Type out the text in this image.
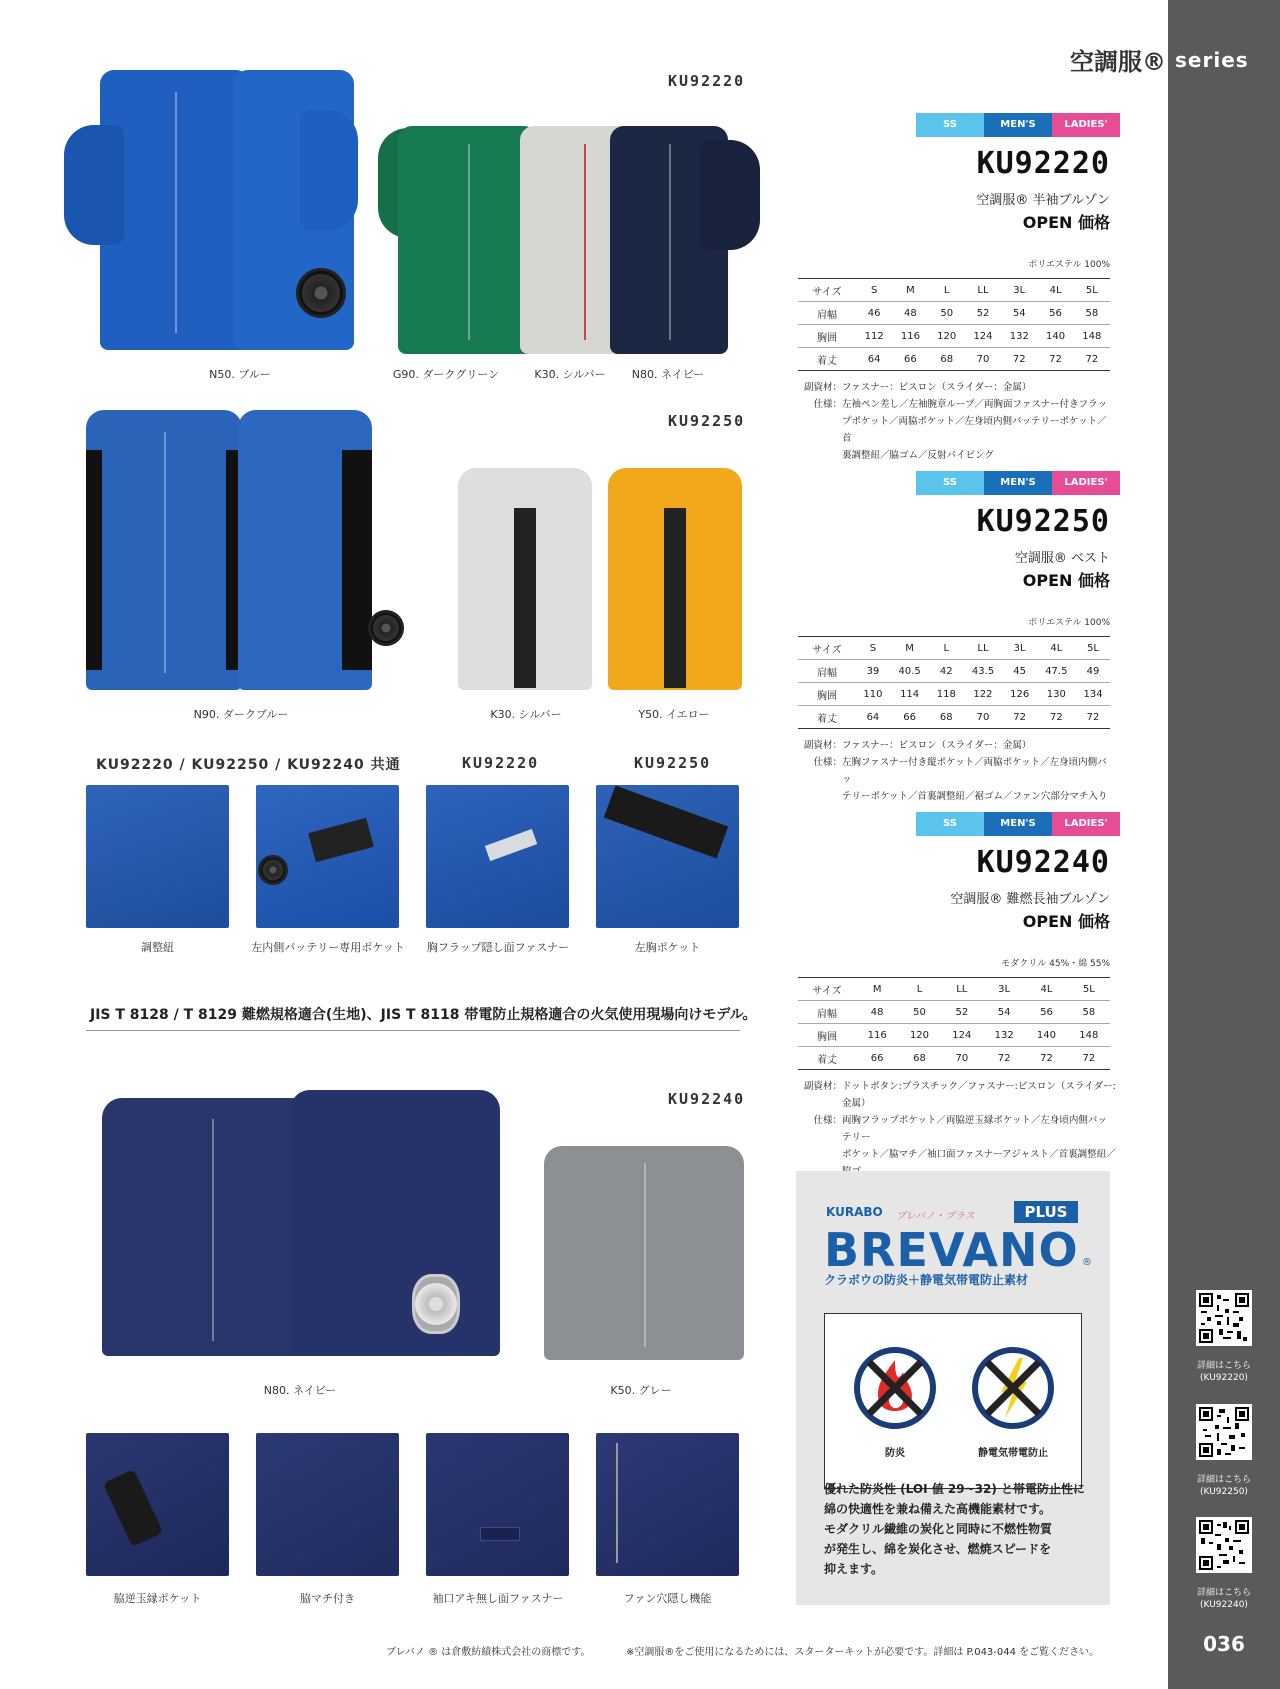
空調服® series
036
KU92220
N50. ブルー	G90. ダークグリーン	K30. シルバー	N80. ネイビー
KU92250
N90. ダークブルー	K30. シルバー	Y50. イエロー
KU92220 / KU92250 / KU92240 共通	KU92220	KU92250
調整紐	左内側バッテリー専用ポケット	胸フラップ隠し面ファスナー	左胸ポケット
JIS T 8128 / T 8129 難燃規格適合(生地)、JIS T 8118 帯電防止規格適合の火気使用現場向けモデル。
KU92240
N80. ネイビー	K50. グレー
脇逆玉縁ポケット	脇マチ付き	袖口アキ無し面ファスナー	ファン穴隠し機能
SS	MEN'S	LADIES'
KU92220
空調服® 半袖ブルゾン
OPEN 価格
ポリエステル 100%
サイズ	S	M	L	LL	3L	4L	5L
肩幅	46	48	50	52	54	56	58
胸囲	112	116	120	124	132	140	148
着丈	64	66	68	70	72	72	72
副資材： ファスナー：ビスロン（スライダー：金属）
仕様： 左袖ペン差し／左袖腕章ループ／両胸面ファスナー付きフラッ
プポケット／両脇ポケット／左身頃内側バッテリーポケット／首
裏調整紐／脇ゴム／反射パイピング
SS	MEN'S	LADIES'
KU92250
空調服® ベスト
OPEN 価格
ポリエステル 100%
サイズ	S	M	L	LL	3L	4L	5L
肩幅	39	40.5	42	43.5	45	47.5	49
胸囲	110	114	118	122	126	130	134
着丈	64	66	68	70	72	72	72
副資材： ファスナー：ビスロン（スライダー：金属）
仕様： 左胸ファスナー付き縦ポケット／両脇ポケット／左身頃内側バッ
テリーポケット／首裏調整紐／裾ゴム／ファン穴部分マチ入り
SS	MEN'S	LADIES'
KU92240
空調服® 難燃長袖ブルゾン
OPEN 価格
モダクリル 45%・綿 55%
サイズ	M	L	LL	3L	4L	5L
肩幅	48	50	52	54	56	58
胸囲	116	120	124	132	140	148
着丈	66	68	70	72	72	72
副資材： ドットボタン:プラスチック／ファスナー:ビスロン（スライダー:金属）
仕様： 両胸フラップポケット／両脇逆玉縁ポケット／左身頃内側バッテリー
ポケット／脇マチ／袖口面ファスナーアジャスト／首裏調整紐／
KURABO ブレバノ・プラス	PLUS
BREVANO ®
クラボウの防炎＋静電気帯電防止素材
防炎	静電気帯電防止
優れた防炎性 (LOI 値 29~32) と帯電防止性に
綿の快適性を兼ね備えた高機能素材です。
モダクリル繊維の炭化と同時に不燃性物質
が発生し、綿を炭化させ、燃焼スピードを
抑えます。
詳細はこちら
(KU92220)
詳細はこちら
(KU92250)
詳細はこちら
(KU92240)
ブレバノ ® は倉敷紡績株式会社の商標です。	※空調服®をご使用になるためには、スターターキットが必要です。詳細は P.043-044 をご覧ください。
